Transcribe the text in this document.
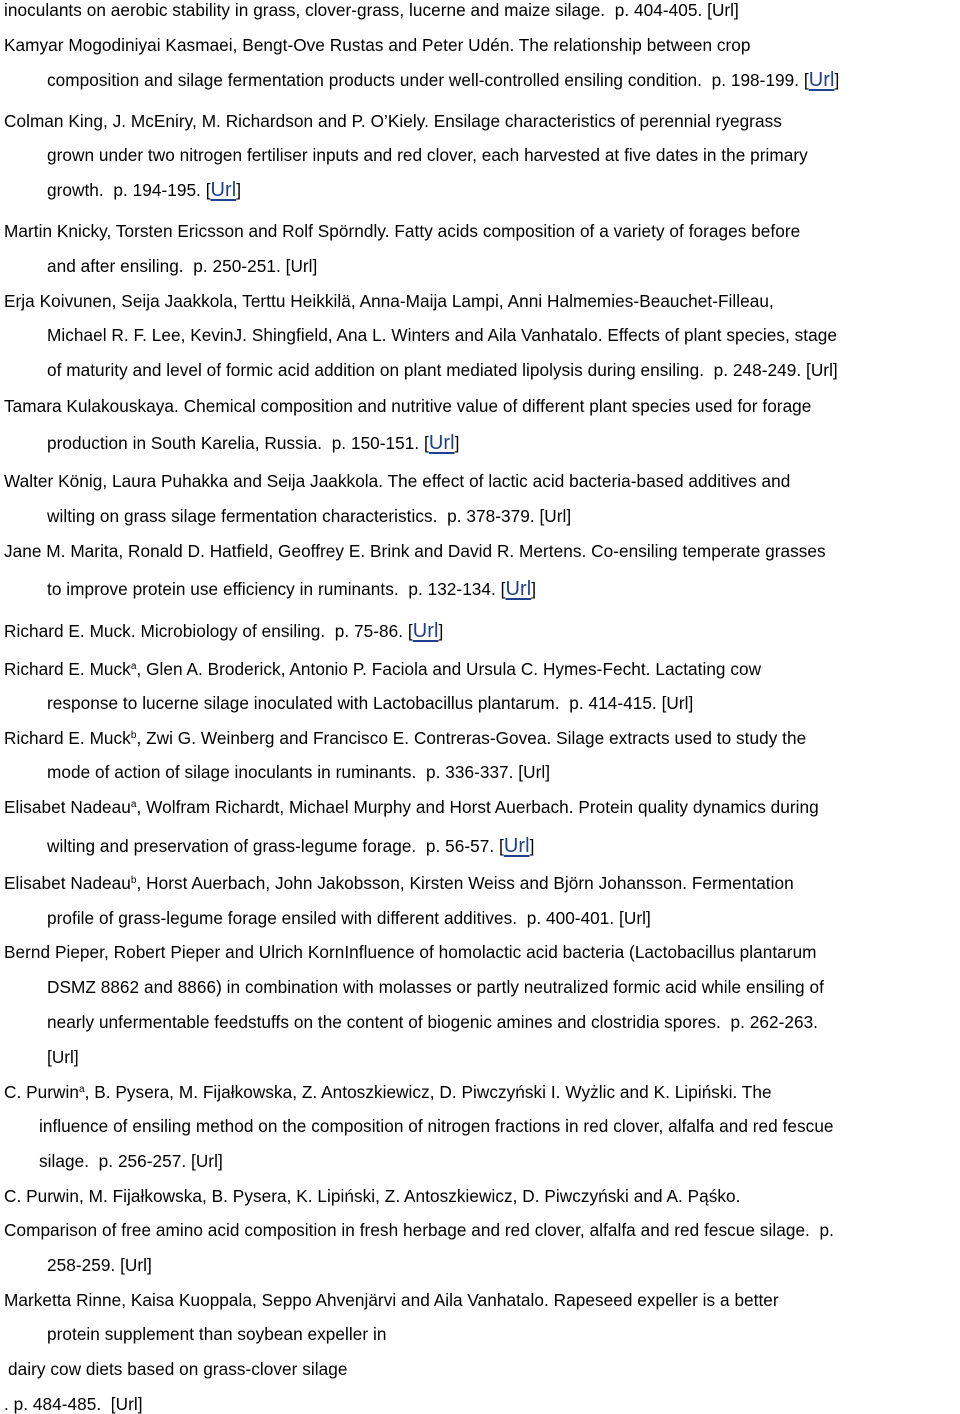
inoculants on aerobic stability in grass, clover-grass, lucerne and maize silage.  p. 404-405. [Url]
Kamyar Mogodiniyai Kasmaei, Bengt-Ove Rustas and Peter Udén. The relationship between crop
composition and silage fermentation products under well-controlled ensiling condition.  p. 198-199. [Url]
Colman King, J. McEniry, M. Richardson and P. O’Kiely. Ensilage characteristics of perennial ryegrass
grown under two nitrogen fertiliser inputs and red clover, each harvested at five dates in the primary
growth.  p. 194-195. [Url]
Martin Knicky, Torsten Ericsson and Rolf Spörndly. Fatty acids composition of a variety of forages before
and after ensiling.  p. 250-251. [Url]
Erja Koivunen, Seija Jaakkola, Terttu Heikkilä, Anna-Maija Lampi, Anni Halmemies-Beauchet-Filleau,
Michael R. F. Lee, KevinJ. Shingfield, Ana L. Winters and Aila Vanhatalo. Effects of plant species, stage
of maturity and level of formic acid addition on plant mediated lipolysis during ensiling.  p. 248-249. [Url]
Tamara Kulakouskaya. Chemical composition and nutritive value of different plant species used for forage
production in South Karelia, Russia.  p. 150-151. [Url]
Walter König, Laura Puhakka and Seija Jaakkola. The effect of lactic acid bacteria-based additives and
wilting on grass silage fermentation characteristics.  p. 378-379. [Url]
Jane M. Marita, Ronald D. Hatfield, Geoffrey E. Brink and David R. Mertens. Co-ensiling temperate grasses
to improve protein use efficiency in ruminants.  p. 132-134. [Url]
Richard E. Muck. Microbiology of ensiling.  p. 75-86. [Url]
Richard E. Muck$^a$, Glen A. Broderick, Antonio P. Faciola and Ursula C. Hymes-Fecht. Lactating cow
response to lucerne silage inoculated with Lactobacillus plantarum.  p. 414-415. [Url]
Richard E. Muck$^b$, Zwi G. Weinberg and Francisco E. Contreras-Govea. Silage extracts used to study the
mode of action of silage inoculants in ruminants.  p. 336-337. [Url]
Elisabet Nadeau$^a$, Wolfram Richardt, Michael Murphy and Horst Auerbach. Protein quality dynamics during
wilting and preservation of grass-legume forage.  p. 56-57. [Url]
Elisabet Nadeau$^b$, Horst Auerbach, John Jakobsson, Kirsten Weiss and Björn Johansson. Fermentation
profile of grass-legume forage ensiled with different additives.  p. 400-401. [Url]
Bernd Pieper, Robert Pieper and Ulrich KornInfluence of homolactic acid bacteria (Lactobacillus plantarum
DSMZ 8862 and 8866) in combination with molasses or partly neutralized formic acid while ensiling of
nearly unfermentable feedstuffs on the content of biogenic amines and clostridia spores.  p. 262-263.
[Url]
C. Purwin$^a$, B. Pysera, M. Fijałkowska, Z. Antoszkiewicz, D. Piwczyński I. Wyżlic and K. Lipiński. The
influence of ensiling method on the composition of nitrogen fractions in red clover, alfalfa and red fescue
silage.  p. 256-257. [Url]
C. Purwin, M. Fijałkowska, B. Pysera, K. Lipiński, Z. Antoszkiewicz, D. Piwczyński and A. Pąśko.
Comparison of free amino acid composition in fresh herbage and red clover, alfalfa and red fescue silage.  p.
258-259. [Url]
Marketta Rinne, Kaisa Kuoppala, Seppo Ahvenjärvi and Aila Vanhatalo. Rapeseed expeller is a better
protein supplement than soybean expeller in
dairy cow diets based on grass-clover silage
. p. 484-485.  [Url]
